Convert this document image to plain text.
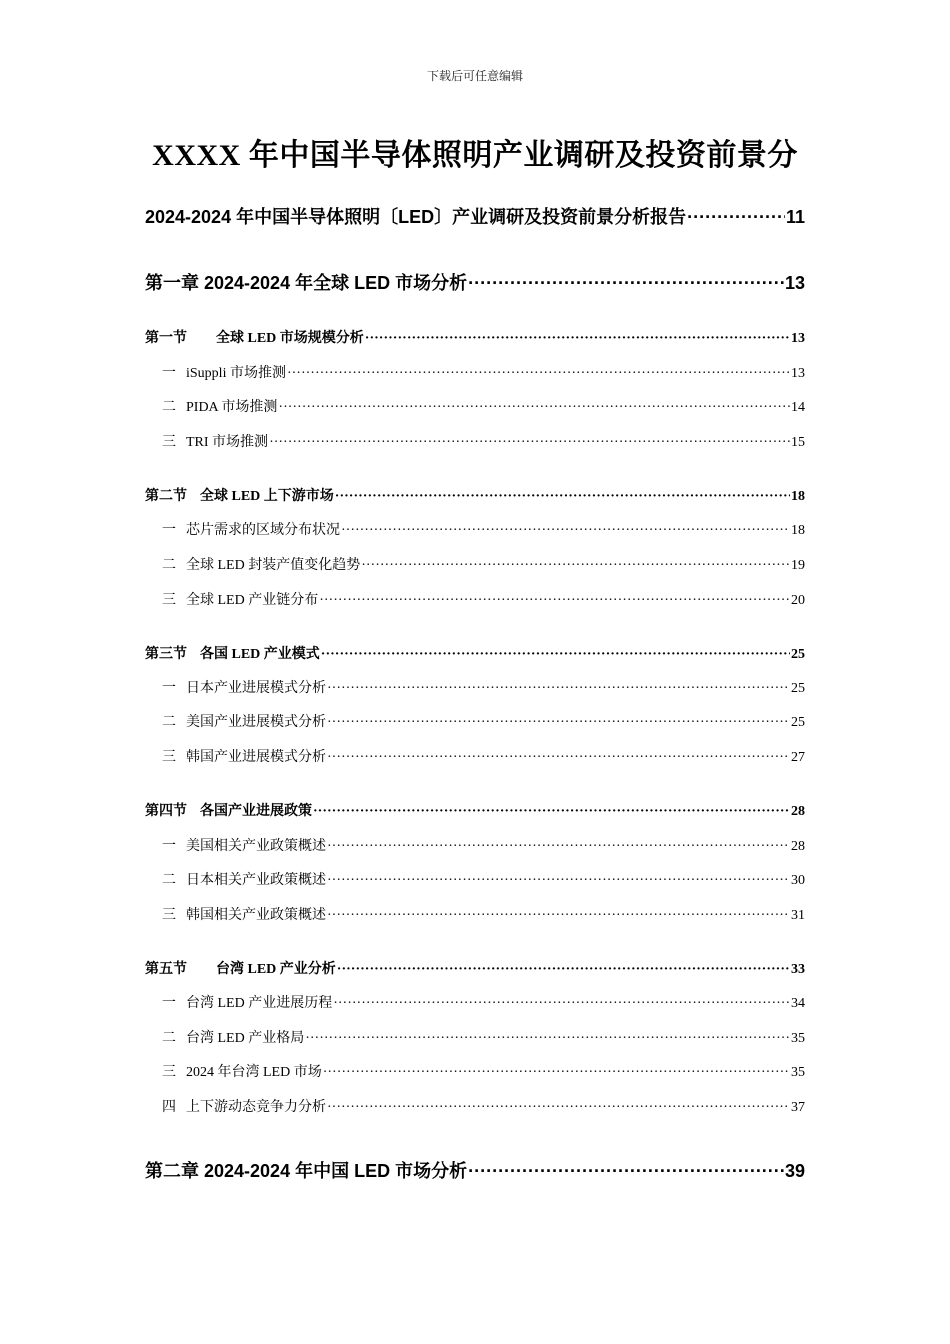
下载后可任意编辑
XXXX 年中国半导体照明产业调研及投资前景分
2024-2024 年中国半导体照明〔LED〕产业调研及投资前景分析报告 ·····	11
第一章 2024-2024 年全球 LED 市场分析 ·····	13
第一节 全球 LED 市场规模分析 ·····	13
一 iSuppli 市场推测 ·····	13
二 PIDA 市场推测 ·····	14
三 TRI 市场推测 ·····	15
第二节 全球 LED 上下游市场 ·····	18
一 芯片需求的区域分布状况 ·····	18
二 全球 LED 封装产值变化趋势 ·····	19
三 全球 LED 产业链分布 ·····	20
第三节 各国 LED 产业模式 ·····	25
一 日本产业进展模式分析 ·····	25
二 美国产业进展模式分析 ·····	25
三 韩国产业进展模式分析 ·····	27
第四节 各国产业进展政策 ·····	28
一 美国相关产业政策概述 ·····	28
二 日本相关产业政策概述 ·····	30
三 韩国相关产业政策概述 ·····	31
第五节 台湾 LED 产业分析 ·····	33
一 台湾 LED 产业进展历程 ·····	34
二 台湾 LED 产业格局 ·····	35
三 2024 年台湾 LED 市场 ·····	35
四 上下游动态竞争力分析 ·····	37
第二章 2024-2024 年中国 LED 市场分析 ·····	39
